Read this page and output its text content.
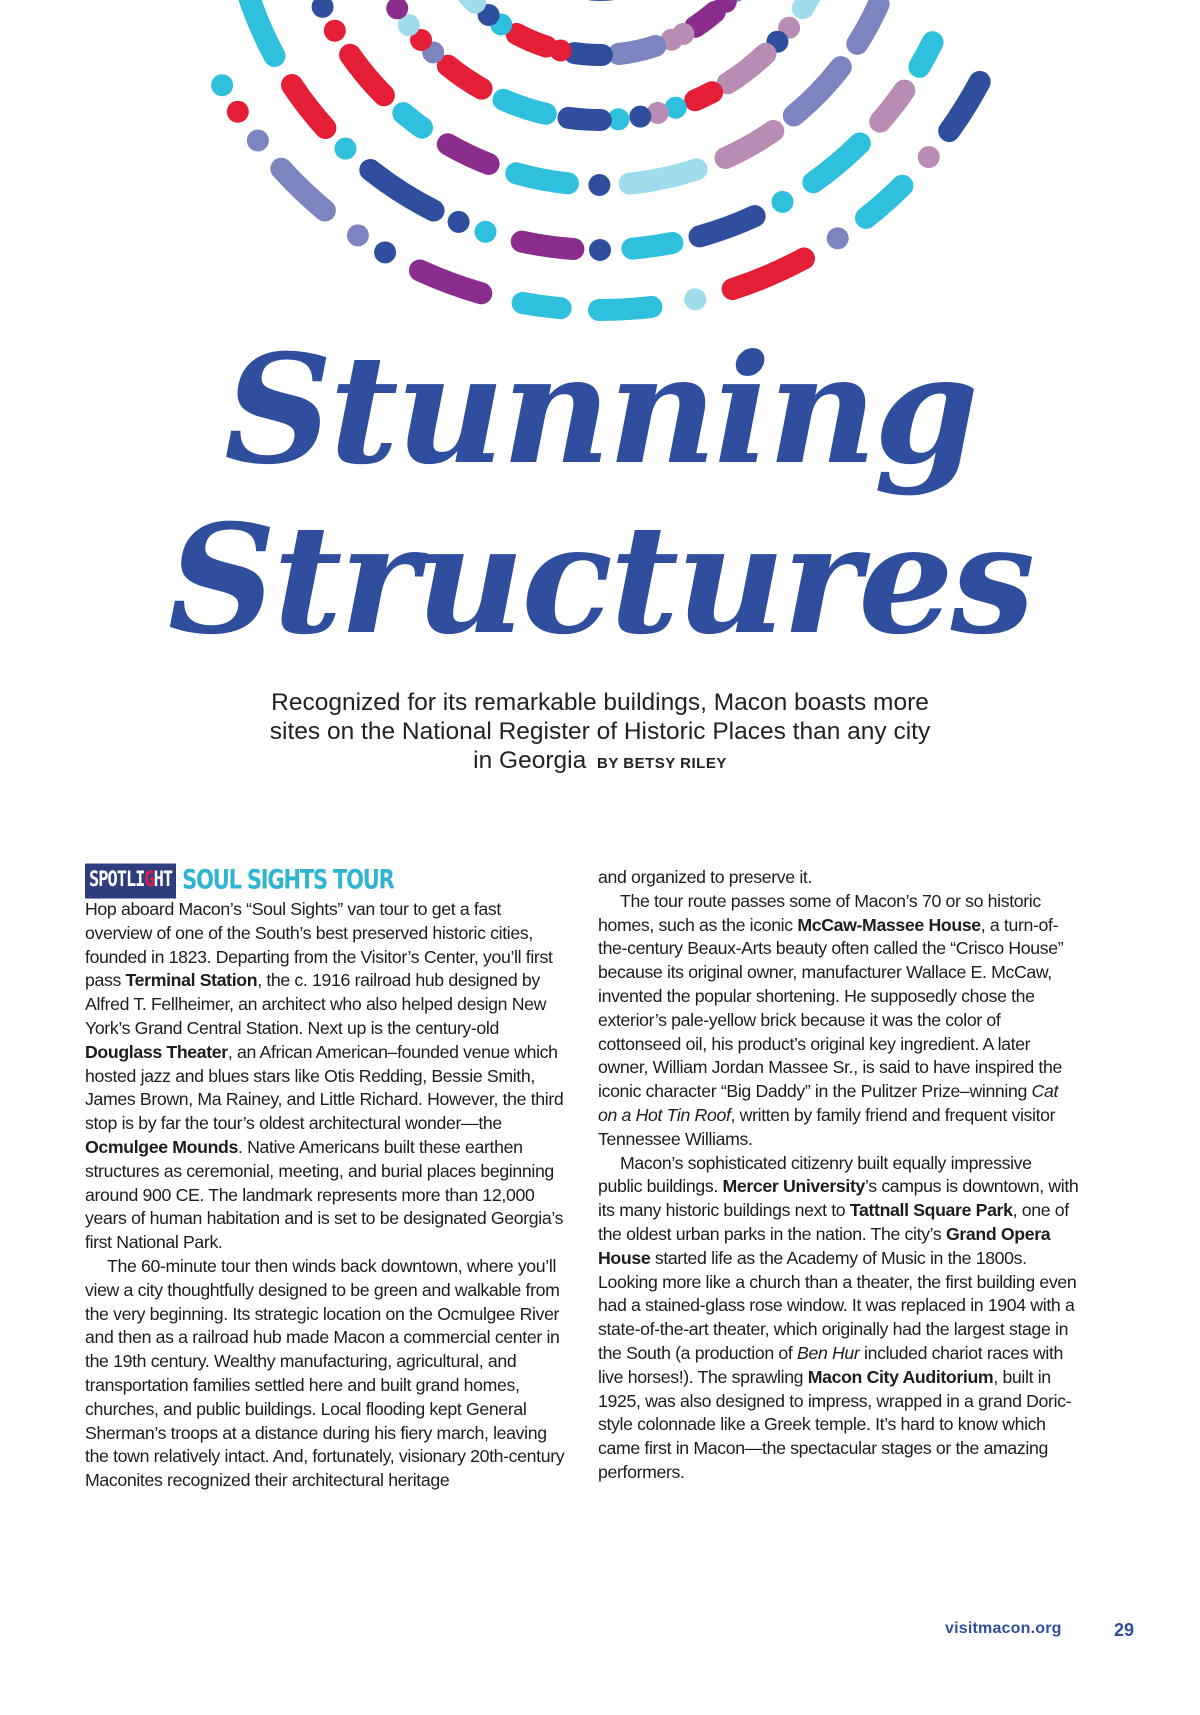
Stunning
Structures
Recognized for its remarkable buildings, Macon boasts more sites on the National Register of Historic Places than any city in Georgia BY BETSY RILEY
SPOTLIGHT SOUL SIGHTS TOUR

Hop aboard Macon’s “Soul Sights” van tour to get a fast overview of one of the South’s best preserved historic cities, founded in 1823. Departing from the Visitor’s Center, you’ll first pass Terminal Station, the c. 1916 railroad hub designed by Alfred T. Fellheimer, an architect who also helped design New York’s Grand Central Station. Next up is the century-old Douglass Theater, an African American–founded venue which hosted jazz and blues stars like Otis Redding, Bessie Smith, James Brown, Ma Rainey, and Little Richard. However, the third stop is by far the tour’s oldest architectural wonder—the Ocmulgee Mounds. Native Americans built these earthen structures as ceremonial, meeting, and burial places beginning around 900 CE. The landmark represents more than 12,000 years of human habitation and is set to be designated Georgia’s first National Park.

The 60-minute tour then winds back downtown, where you’ll view a city thoughtfully designed to be green and walkable from the very beginning. Its strategic location on the Ocmulgee River and then as a railroad hub made Macon a commercial center in the 19th century. Wealthy manufacturing, agricultural, and transportation families settled here and built grand homes, churches, and public buildings. Local flooding kept General Sherman’s troops at a distance during his fiery march, leaving the town relatively intact. And, fortunately, visionary 20th-century Maconites recognized their architectural heritage

and organized to preserve it.

The tour route passes some of Macon’s 70 or so historic homes, such as the iconic McCaw-Massee House, a turn-of-the-century Beaux-Arts beauty often called the “Crisco House” because its original owner, manufacturer Wallace E. McCaw, invented the popular shortening. He supposedly chose the exterior’s pale-yellow brick because it was the color of cottonseed oil, his product’s original key ingredient. A later owner, William Jordan Massee Sr., is said to have inspired the iconic character “Big Daddy” in the Pulitzer Prize–winning Cat on a Hot Tin Roof, written by family friend and frequent visitor Tennessee Williams.

Macon’s sophisticated citizenry built equally impressive public buildings. Mercer University’s campus is downtown, with its many historic buildings next to Tattnall Square Park, one of the oldest urban parks in the nation. The city’s Grand Opera House started life as the Academy of Music in the 1800s. Looking more like a church than a theater, the first building even had a stained-glass rose window. It was replaced in 1904 with a state-of-the-art theater, which originally had the largest stage in the South (a production of Ben Hur included chariot races with live horses!). The sprawling Macon City Auditorium, built in 1925, was also designed to impress, wrapped in a grand Doric-style colonnade like a Greek temple. It’s hard to know which came first in Macon—the spectacular stages or the amazing performers.

visitmacon.org	29
